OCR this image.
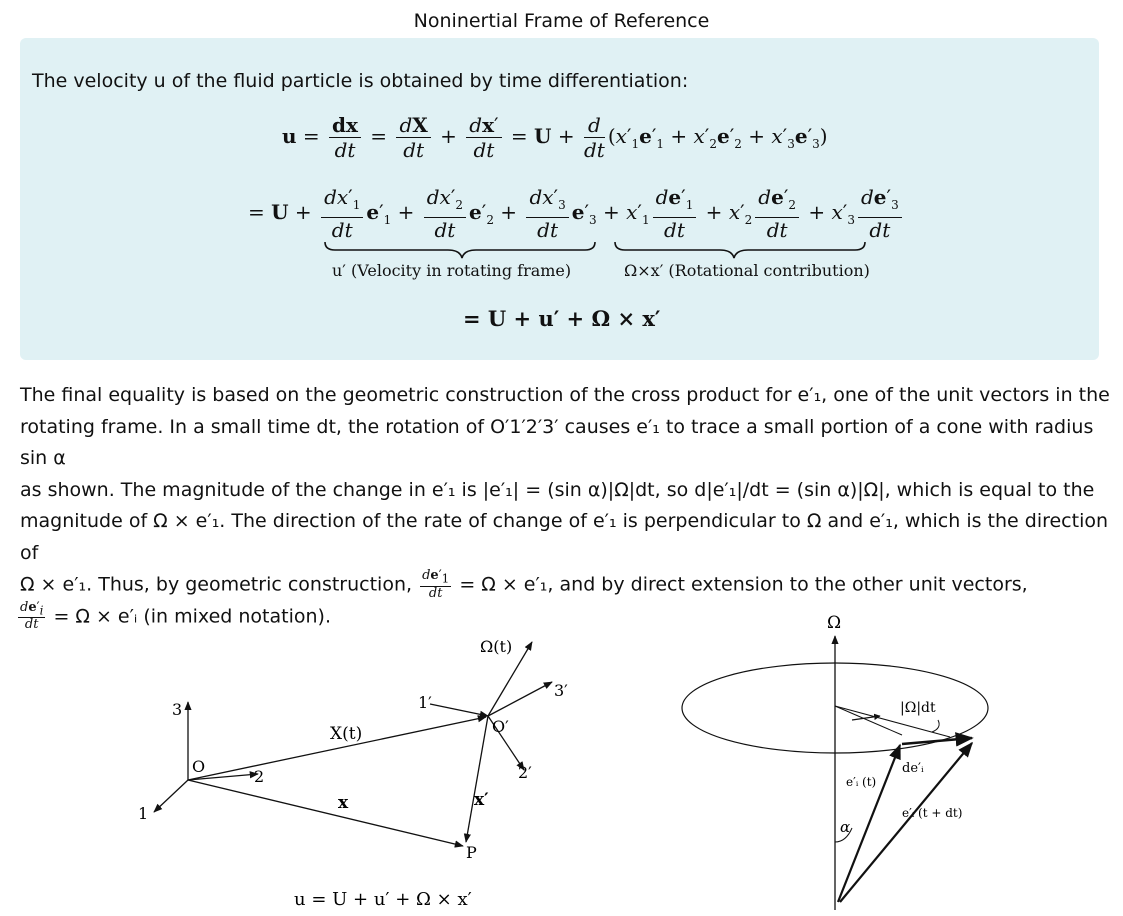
Noninertial Frame of Reference
The velocity u of the fluid particle is obtained by time differentiation:
$u = \frac{dx}{dt} = \frac{dX}{dt} + \frac{dx'}{dt} = U + \frac{d}{dt} (x'_1e'_1 + x'_2e'_2 + x'_3e'_3)$
= $U + \frac{dx'_1}{dt} e'_1 + \frac{dx'_2}{dt} e'_2 + \frac{dx'_3}{dt} e'_3 + x'_1 \frac{de'_1}{dt} + x'_2 \frac{de'_2}{dt} + x'_3 \frac{de'_3}{dt}$
u′ (Velocity in rotating frame)	Ω×x′ (Rotational contribution)
= U + u′ + Ω × x′
The final equality is based on the geometric construction of the cross product for e′₁, one of the unit vectors in the
rotating frame. In a small time dt, the rotation of O′1′2′3′ causes e′₁ to trace a small portion of a cone with radius sin α
as shown. The magnitude of the change in e′₁ is |e′₁| = (sin α)|Ω|dt, so d|e′₁|/dt = (sin α)|Ω|, which is equal to the
magnitude of Ω × e′₁. The direction of the rate of change of e′₁ is perpendicular to Ω and e′₁, which is the direction of
Ω × e′₁. Thus, by geometric construction, $\frac{de'_1}{dt} = \Omega \times e'_1$, and by direct extension to the other unit vectors,
$\frac{de'_i}{dt} = \Omega$ × e′ᵢ (in mixed notation).
O
1
2
3
X(t)
x
Ω(t)
O′
1′
2′
3′
x′
P
u = U + u′ + Ω × x′
Ω
|Ω|dt
de′ᵢ
e′ᵢ (t)
e′ᵢ (t + dt)
α
